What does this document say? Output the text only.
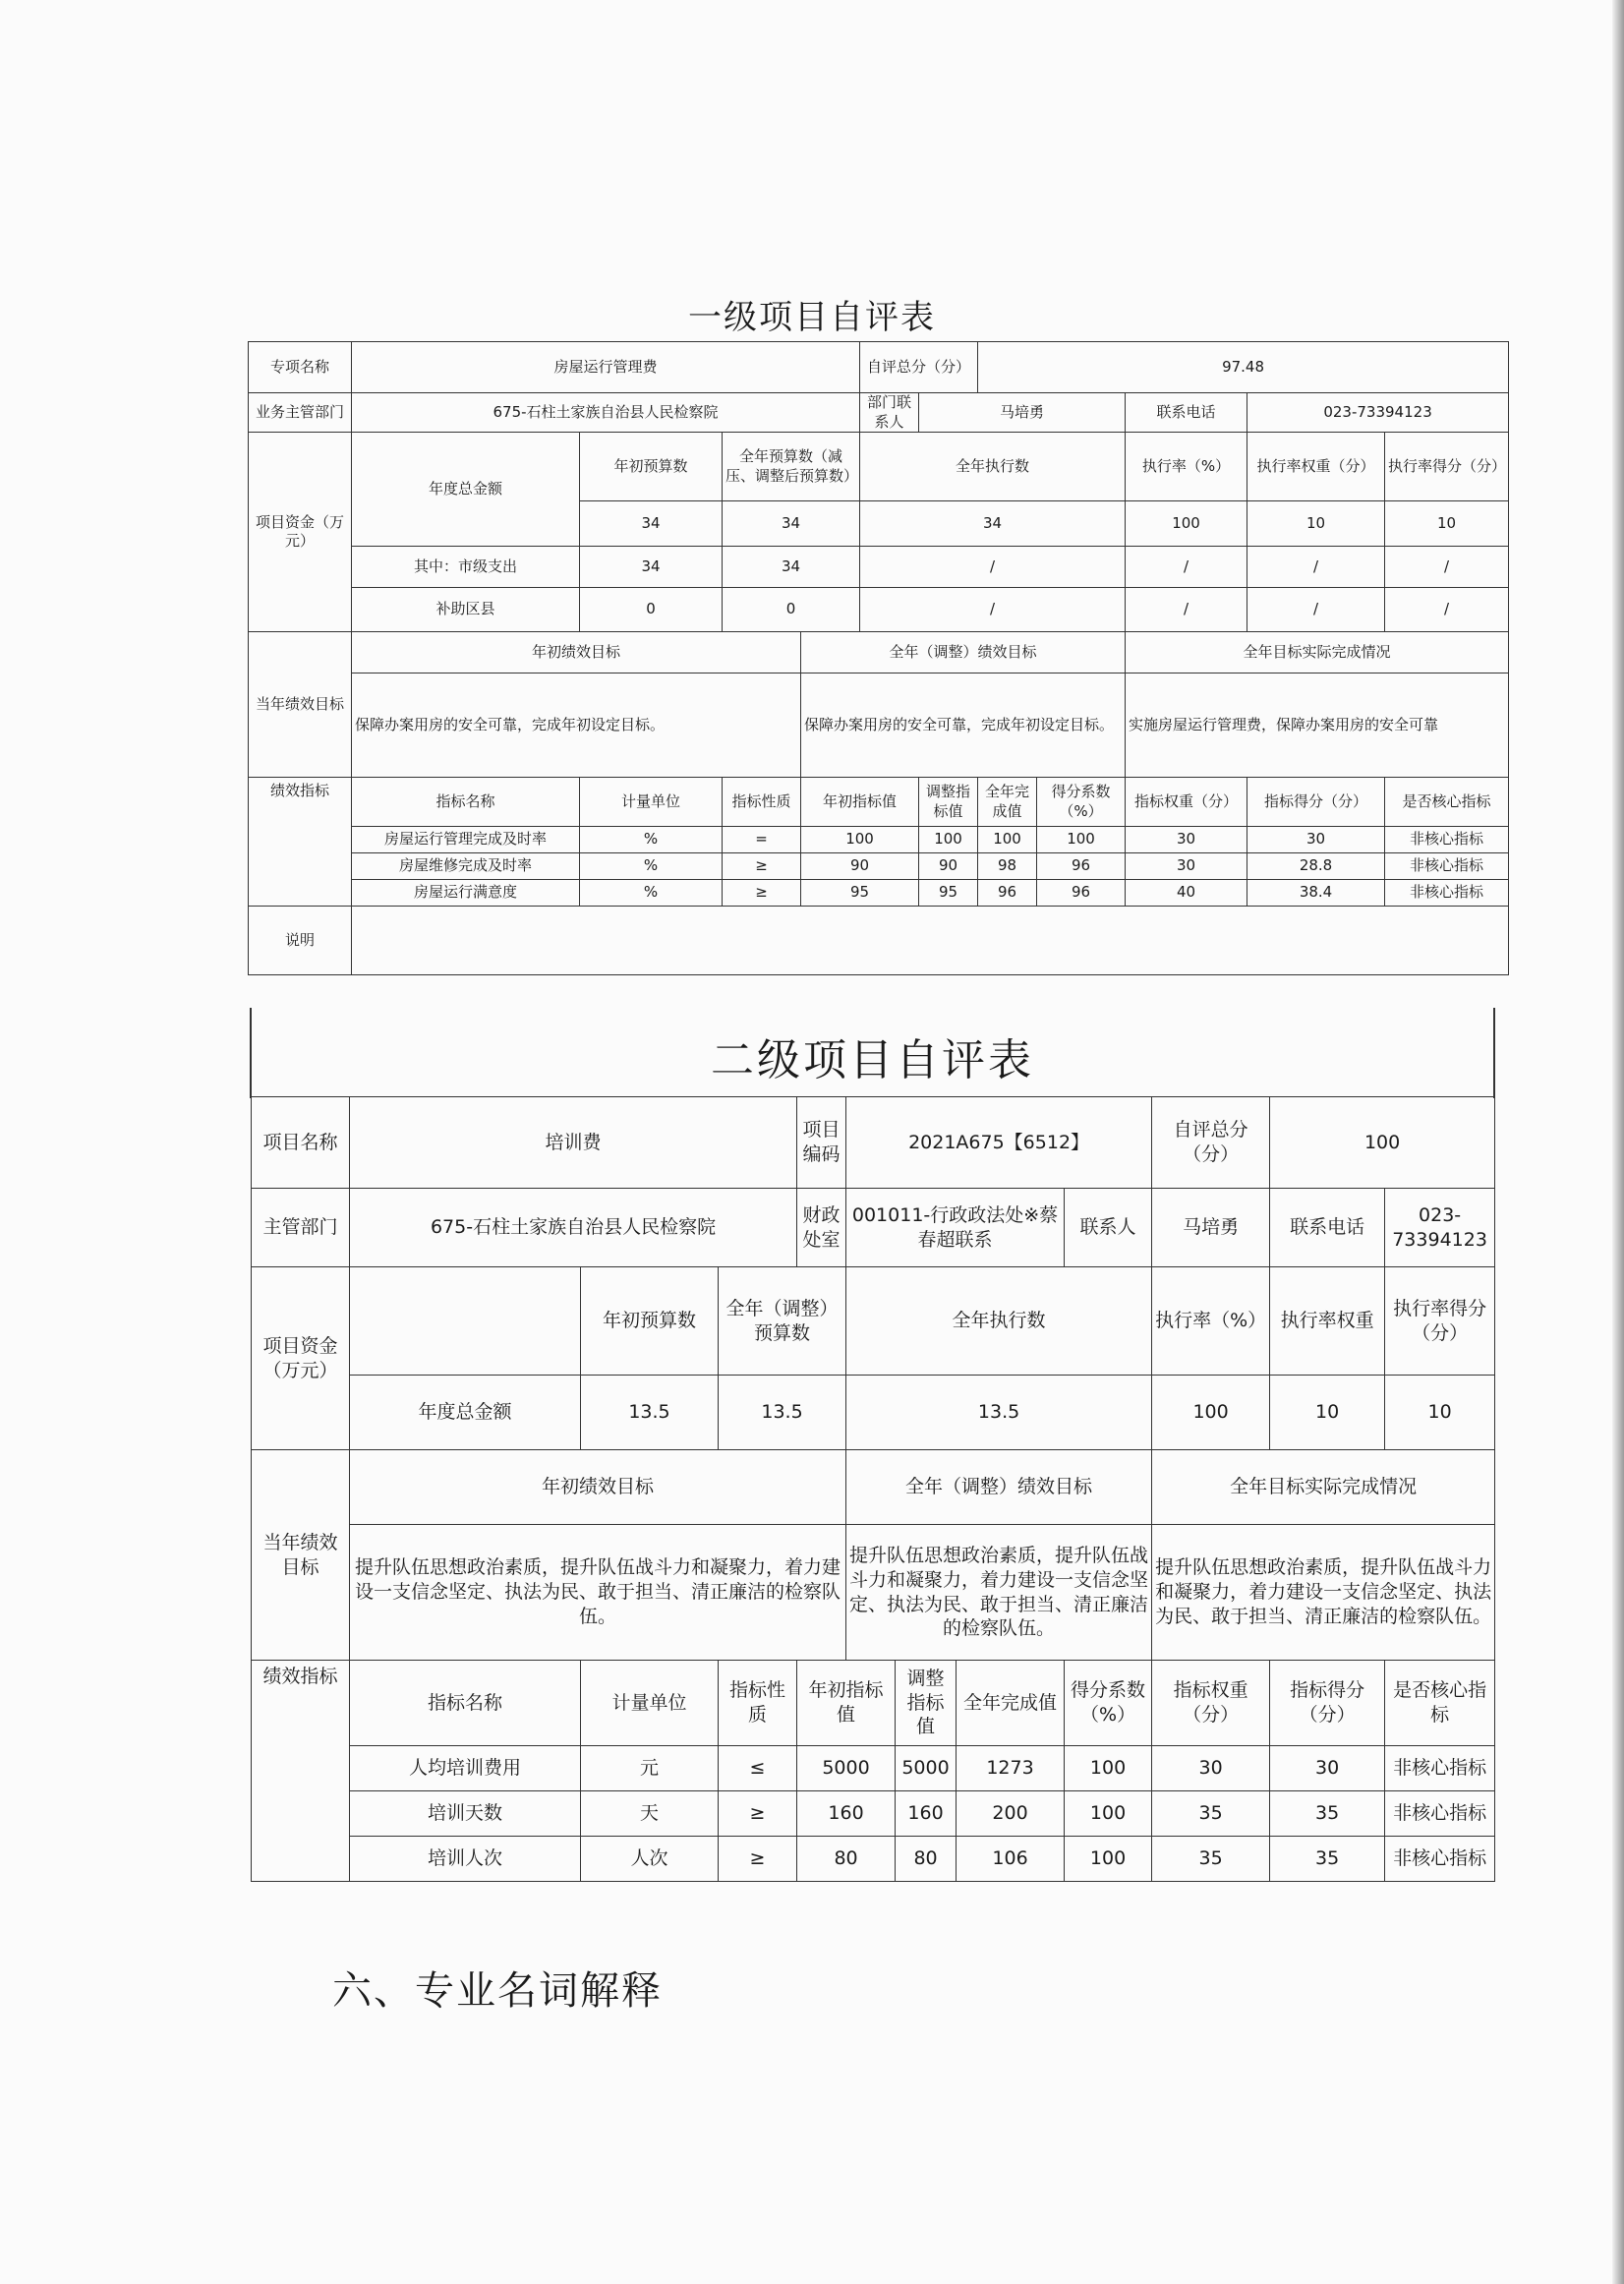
一级项目自评表
专项名称	房屋运行管理费				自评总分（分）		97.48				
业务主管部门	675-石柱土家族自治县人民检察院				部门联系人	马培勇			联系电话	023-73394123	
项目资金（万元）	年度总金额	年初预算数	全年预算数（减压、调整后预算数）		全年执行数				执行率（%）	执行率权重（分）	执行率得分（分）
		34	34		34				100	10	10
	其中：市级支出	34	34		/				/	/	/
	补助区县	0	0		/				/	/	/
当年绩效目标	年初绩效目标			全年（调整）绩效目标					全年目标实际完成情况		
	保障办案用房的安全可靠，完成年初设定目标。			保障办案用房的安全可靠，完成年初设定目标。					实施房屋运行管理费，保障办案用房的安全可靠		
绩效指标	指标名称	计量单位	指标性质	年初指标值		调整指标值	全年完成值	得分系数（%）	指标权重（分）	指标得分（分）	是否核心指标
	房屋运行管理完成及时率	%	=	100		100	100	100	30	30	非核心指标
	房屋维修完成及时率	%	≥	90		90	98	96	30	28.8	非核心指标
	房屋运行满意度	%	≥	95		95	96	96	40	38.4	非核心指标
说明											
二级项目自评表
项目名称	培训费			项目编码	2021A675【6512】				自评总分（分）	100	
主管部门	675-石柱土家族自治县人民检察院			财政处室	001011-行政政法处※蔡春超联系			联系人	马培勇	联系电话	023-73394123
项目资金（万元）		年初预算数	全年（调整）预算数		全年执行数				执行率（%）	执行率权重	执行率得分（分）
	年度总金额	13.5	13.5		13.5				100	10	10
当年绩效目标	年初绩效目标				全年（调整）绩效目标				全年目标实际完成情况		
	提升队伍思想政治素质，提升队伍战斗力和凝聚力，着力建设一支信念坚定、执法为民、敢于担当、清正廉洁的检察队伍。				提升队伍思想政治素质，提升队伍战斗力和凝聚力，着力建设一支信念坚定、执法为民、敢于担当、清正廉洁的检察队伍。				提升队伍思想政治素质，提升队伍战斗力和凝聚力，着力建设一支信念坚定、执法为民、敢于担当、清正廉洁的检察队伍。		
绩效指标	指标名称	计量单位	指标性质	年初指标值		调整指标值	全年完成值	得分系数（%）	指标权重（分）	指标得分（分）	是否核心指标
	人均培训费用	元	≤	5000		5000	1273	100	30	30	非核心指标
	培训天数	天	≥	160		160	200	100	35	35	非核心指标
	培训人次	人次	≥	80		80	106	100	35	35	非核心指标
六、专业名词解释
